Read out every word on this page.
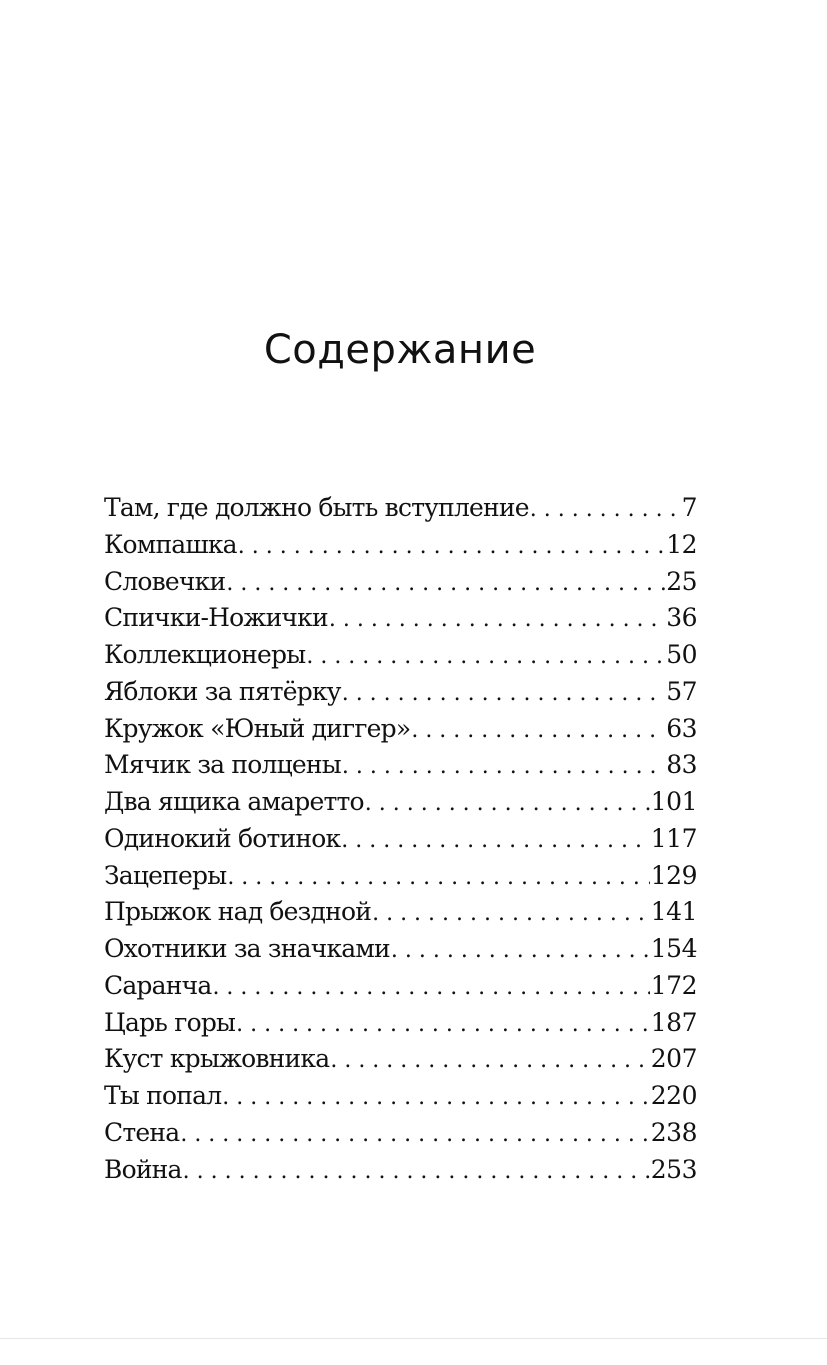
Содержание
Там, где должно быть вступление . . .	7
Компашка . . .	12
Словечки . . .	25
Спички-Ножички . . .	36
Коллекционеры . . .	50
Яблоки за пятёрку . . .	57
Кружок «Юный диггер» . . .	63
Мячик за полцены . . .	83
Два ящика амаретто . . .	101
Одинокий ботинок . . .	117
Зацеперы . . .	129
Прыжок над бездной . . .	141
Охотники за значками . . .	154
Саранча . . .	172
Царь горы . . .	187
Куст крыжовника . . .	207
Ты попал . . .	220
Стена . . .	238
Война . . .	253
